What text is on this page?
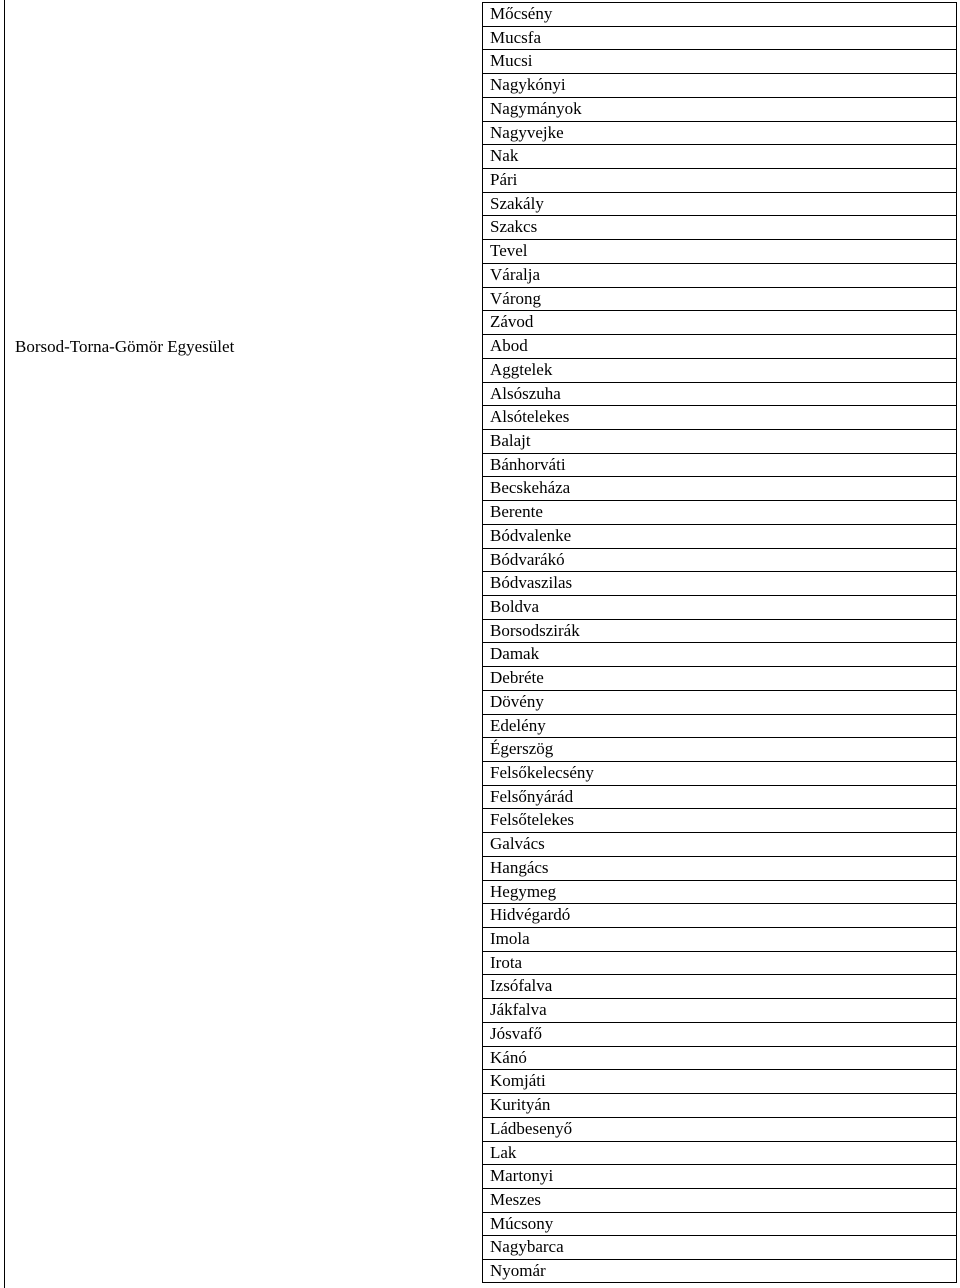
Borsod-Torna-Gömör Egyesület
Mőcsény
Mucsfa
Mucsi
Nagykónyi
Nagymányok
Nagyvejke
Nak
Pári
Szakály
Szakcs
Tevel
Váralja
Várong
Závod
Abod
Aggtelek
Alsószuha
Alsótelekes
Balajt
Bánhorváti
Becskeháza
Berente
Bódvalenke
Bódvarákó
Bódvaszilas
Boldva
Borsodszirák
Damak
Debréte
Dövény
Edelény
Égerszög
Felsőkelecsény
Felsőnyárád
Felsőtelekes
Galvács
Hangács
Hegymeg
Hidvégardó
Imola
Irota
Izsófalva
Jákfalva
Jósvafő
Kánó
Komjáti
Kurityán
Ládbesenyő
Lak
Martonyi
Meszes
Múcsony
Nagybarca
Nyomár
